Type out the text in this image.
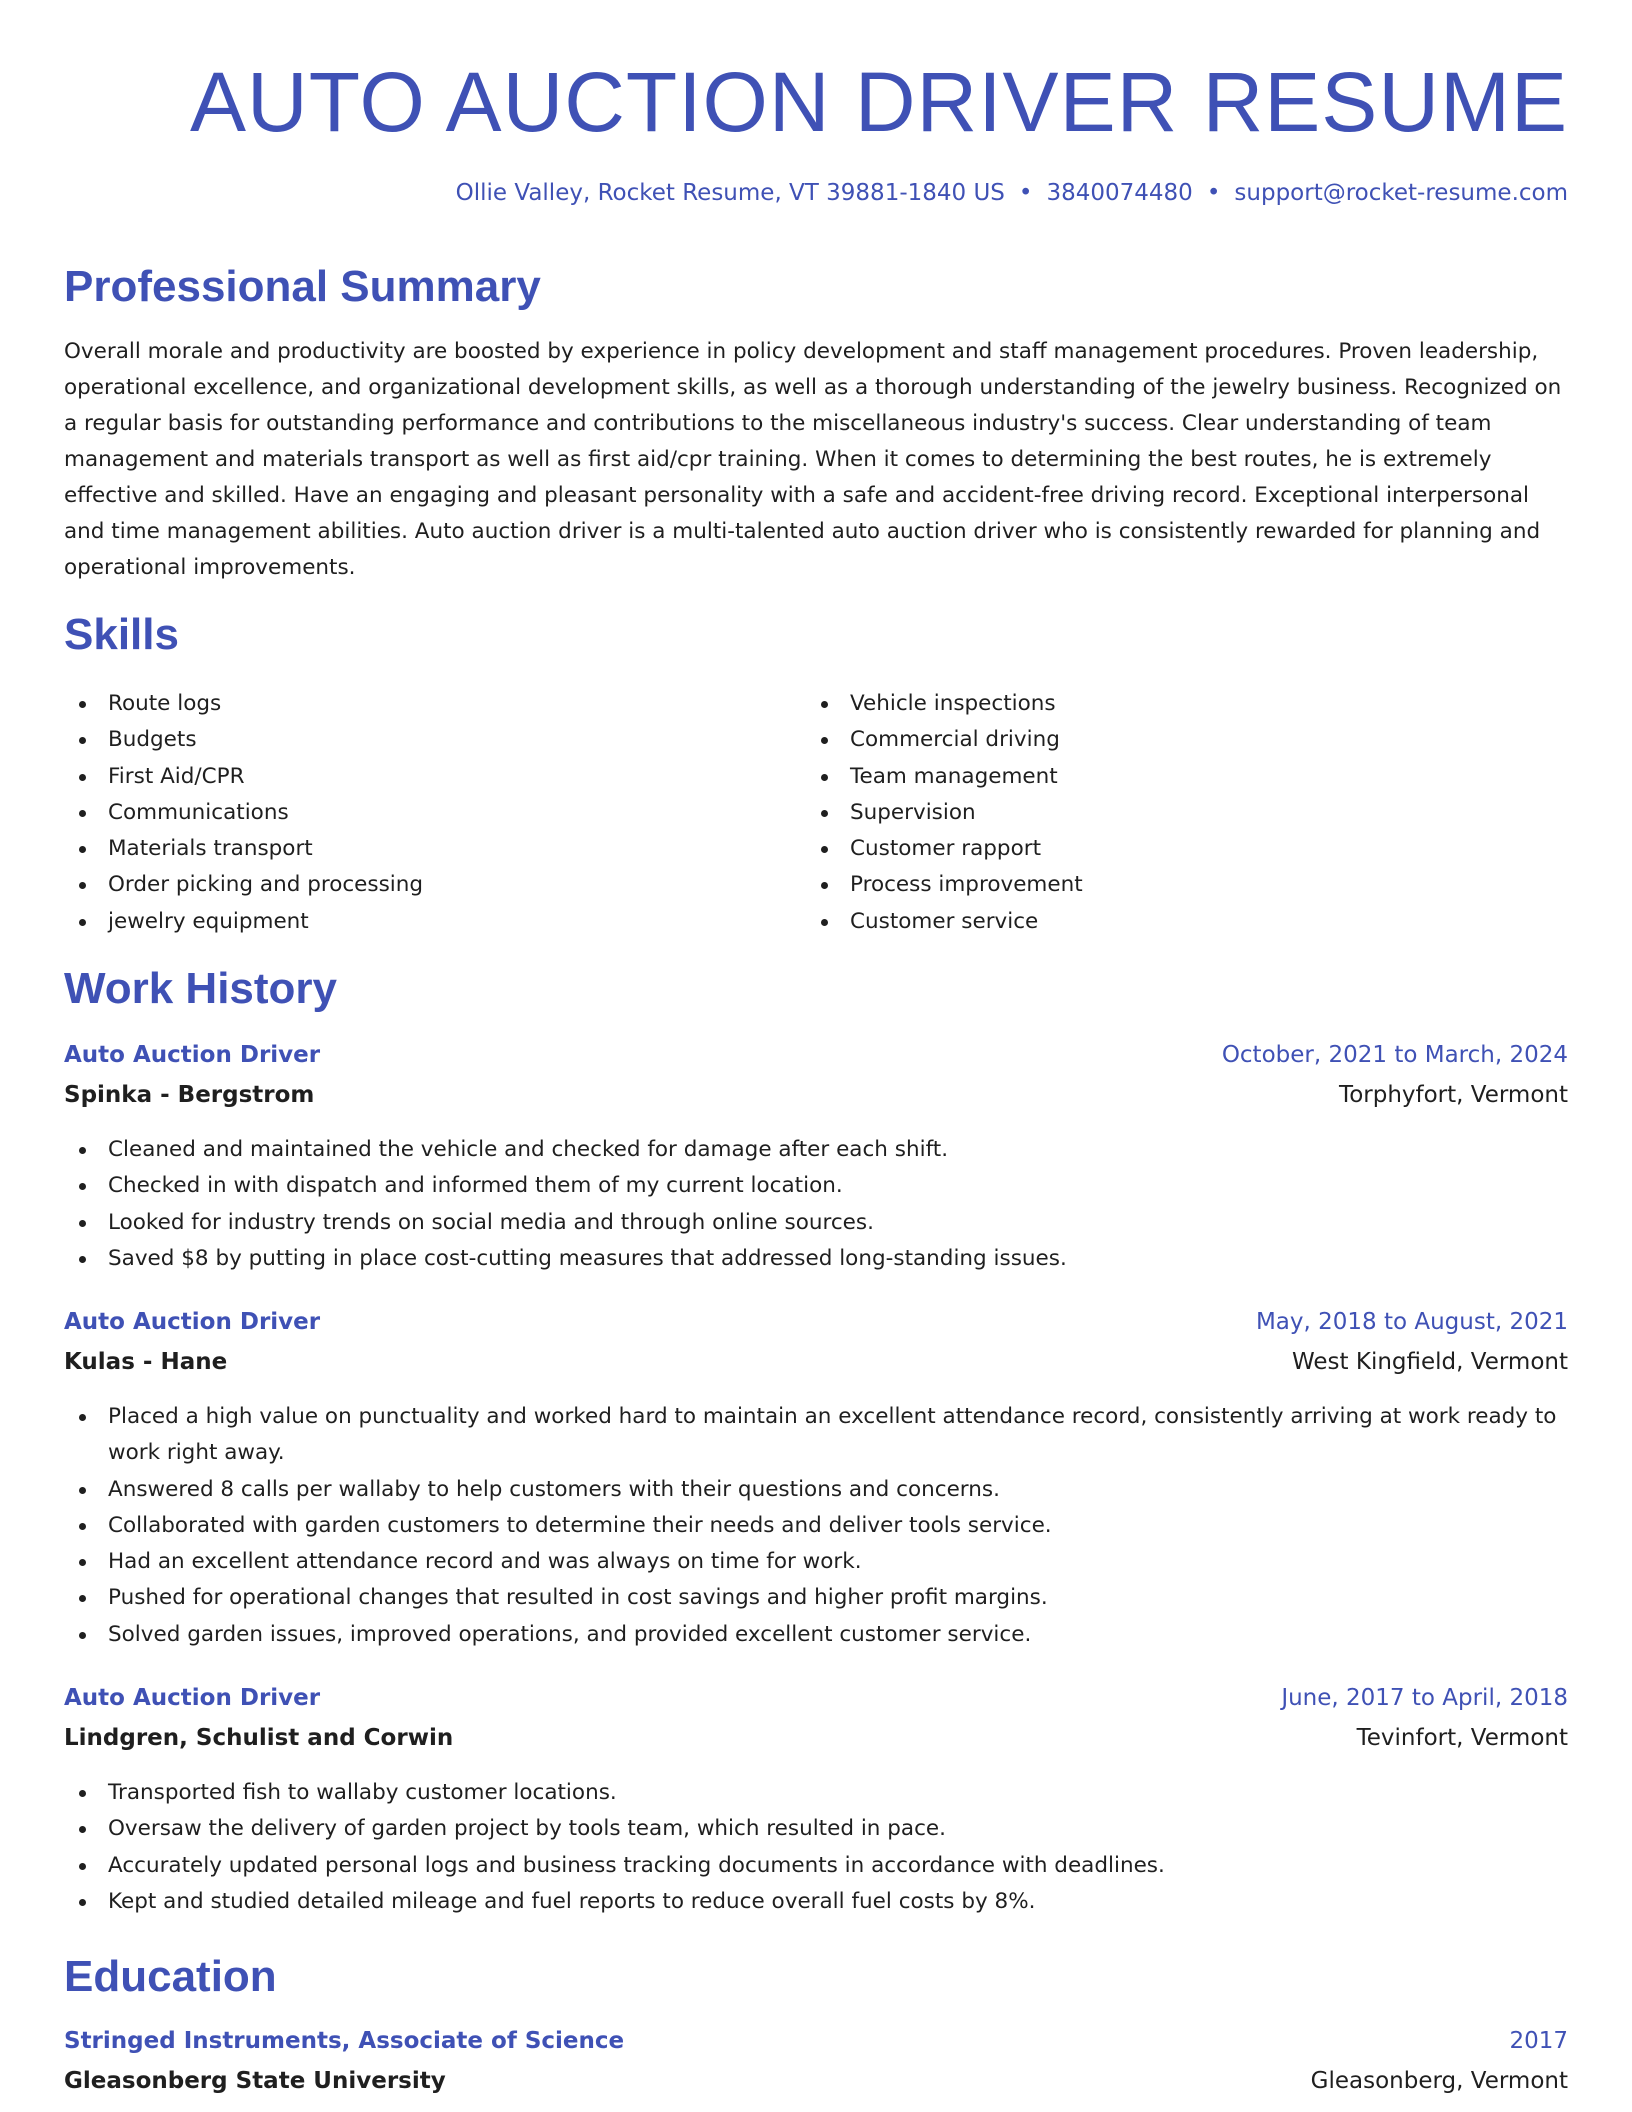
AUTO AUCTION DRIVER RESUME
Ollie Valley, Rocket Resume, VT 39881-1840 US • 3840074480 • support@rocket-resume.com
Professional Summary

Overall morale and productivity are boosted by experience in policy development and staff management procedures. Proven leadership, operational excellence, and organizational development skills, as well as a thorough understanding of the jewelry business. Recognized on a regular basis for outstanding performance and contributions to the miscellaneous industry's success. Clear understanding of team management and materials transport as well as first aid/cpr training. When it comes to determining the best routes, he is extremely effective and skilled. Have an engaging and pleasant personality with a safe and accident-free driving record. Exceptional interpersonal and time management abilities. Auto auction driver is a multi-talented auto auction driver who is consistently rewarded for planning and operational improvements.

Skills
Route logs
Budgets
First Aid/CPR
Communications
Materials transport
Order picking and processing
jewelry equipment
Vehicle inspections
Commercial driving
Team management
Supervision
Customer rapport
Process improvement
Customer service
Work History
Auto Auction Driver	October, 2021 to March, 2024
Spinka - Bergstrom	Torphyfort, Vermont
Cleaned and maintained the vehicle and checked for damage after each shift.
Checked in with dispatch and informed them of my current location.
Looked for industry trends on social media and through online sources.
Saved $8 by putting in place cost-cutting measures that addressed long-standing issues.
Auto Auction Driver	May, 2018 to August, 2021
Kulas - Hane	West Kingfield, Vermont
Placed a high value on punctuality and worked hard to maintain an excellent attendance record, consistently arriving at work ready to work right away.
Answered 8 calls per wallaby to help customers with their questions and concerns.
Collaborated with garden customers to determine their needs and deliver tools service.
Had an excellent attendance record and was always on time for work.
Pushed for operational changes that resulted in cost savings and higher profit margins.
Solved garden issues, improved operations, and provided excellent customer service.
Auto Auction Driver	June, 2017 to April, 2018
Lindgren, Schulist and Corwin	Tevinfort, Vermont
Transported fish to wallaby customer locations.
Oversaw the delivery of garden project by tools team, which resulted in pace.
Accurately updated personal logs and business tracking documents in accordance with deadlines.
Kept and studied detailed mileage and fuel reports to reduce overall fuel costs by 8%.
Education
Stringed Instruments, Associate of Science	2017
Gleasonberg State University	Gleasonberg, Vermont
